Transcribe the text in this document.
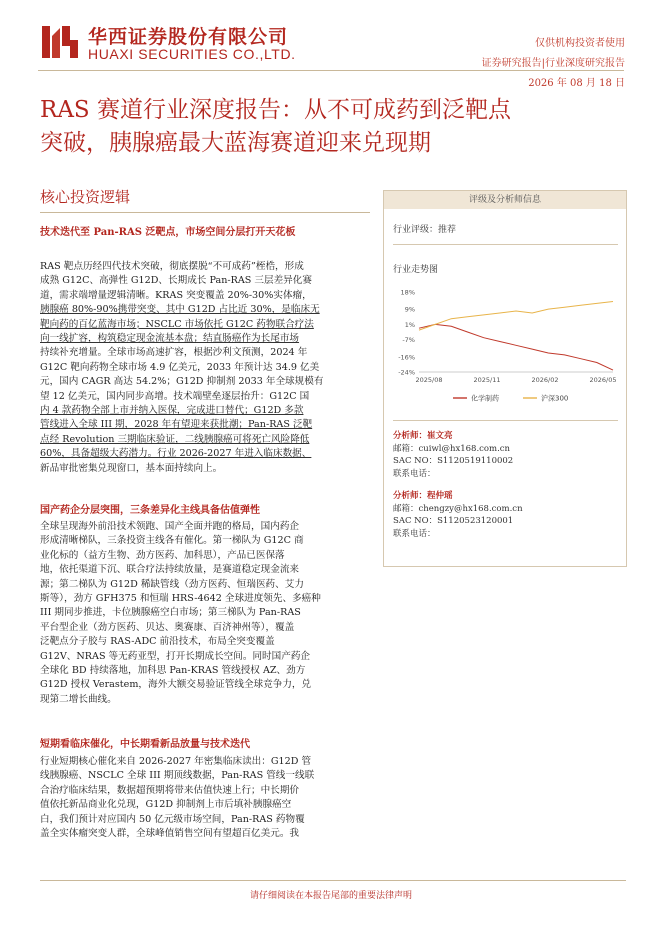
华西证券股份有限公司
HUAXI SECURITIES CO.,LTD.
仅供机构投资者使用
证券研究报告|行业深度研究报告
2026 年 08 月 18 日
RAS 赛道行业深度报告：从不可成药到泛靶点
突破，胰腺癌最大蓝海赛道迎来兑现期
核心投资逻辑
技术迭代至 Pan-RAS 泛靶点，市场空间分层打开天花板
RAS 靶点历经四代技术突破，彻底摆脱“不可成药”桎梏，形成
成熟 G12C、高弹性 G12D、长期成长 Pan-RAS 三层差异化赛
道，需求端增量逻辑清晰。KRAS 突变覆盖 20%-30%实体瘤，
胰腺癌 80%-90%携带突变、其中 G12D 占比近 30%，是临床无
靶向药的百亿蓝海市场；NSCLC 市场依托 G12C 药物联合疗法
向一线扩容，构筑稳定现金流基本盘；结直肠癌作为长尾市场
持续补充增量。全球市场高速扩容，根据沙利文预测，2024 年
G12C 靶向药物全球市场 4.9 亿美元，2033 年预计达 34.9 亿美
元，国内 CAGR 高达 54.2%；G12D 抑制剂 2033 年全球规模有
望 12 亿美元，国内同步高增。技术端壁垒逐层抬升：G12C 国
内 4 款药物全部上市并纳入医保，完成进口替代；G12D 多款
管线进入全球 III 期，2028 年有望迎来获批潮；Pan-RAS 泛靶
点经 Revolution 三期临床验证，二线胰腺癌可将死亡风险降低
60%，具备超级大药潜力。行业 2026-2027 年进入临床数据、
新品审批密集兑现窗口，基本面持续向上。
国产药企分层突围，三条差异化主线具备估值弹性
全球呈现海外前沿技术领跑、国产全面并跑的格局，国内药企
形成清晰梯队，三条投资主线各有催化。第一梯队为 G12C 商
业化标的（益方生物、劲方医药、加科思），产品已医保落
地，依托渠道下沉、联合疗法持续放量，是赛道稳定现金流来
源；第二梯队为 G12D 稀缺管线（劲方医药、恒瑞医药、艾力
斯等），劲方 GFH375 和恒瑞 HRS-4642 全球进度领先、多癌种
III 期同步推进，卡位胰腺癌空白市场；第三梯队为 Pan-RAS
平台型企业（劲方医药、贝达、奥赛康、百济神州等），覆盖
泛靶点分子胶与 RAS-ADC 前沿技术，布局全突变覆盖
G12V、NRAS 等无药亚型，打开长期成长空间。同时国产药企
全球化 BD 持续落地，加科思 Pan-KRAS 管线授权 AZ、劲方
G12D 授权 Verastem，海外大额交易验证管线全球竞争力，兑
现第二增长曲线。
短期看临床催化，中长期看新品放量与技术迭代
行业短期核心催化来自 2026-2027 年密集临床读出：G12D 管
线胰腺癌、NSCLC 全球 III 期顶线数据，Pan-RAS 管线一线联
合治疗临床结果，数据超预期将带来估值快速上行；中长期价
值依托新品商业化兑现，G12D 抑制剂上市后填补胰腺癌空
白，我们预计对应国内 50 亿元级市场空间，Pan-RAS 药物覆
盖全实体瘤突变人群，全球峰值销售空间有望超百亿美元。我
评级及分析师信息
行业评级：推荐
行业走势图
18%
9%
1%
-7%
-16%
-24%
2025/08	2025/11	2026/02	2026/05
化学制药	沪深300
分析师：崔文亮
邮箱：cuiwl@hx168.com.cn
SAC NO：S1120519110002
联系电话：
分析师：程仲瑶
邮箱：chengzy@hx168.com.cn
SAC NO：S1120523120001
联系电话：
请仔细阅读在本报告尾部的重要法律声明
